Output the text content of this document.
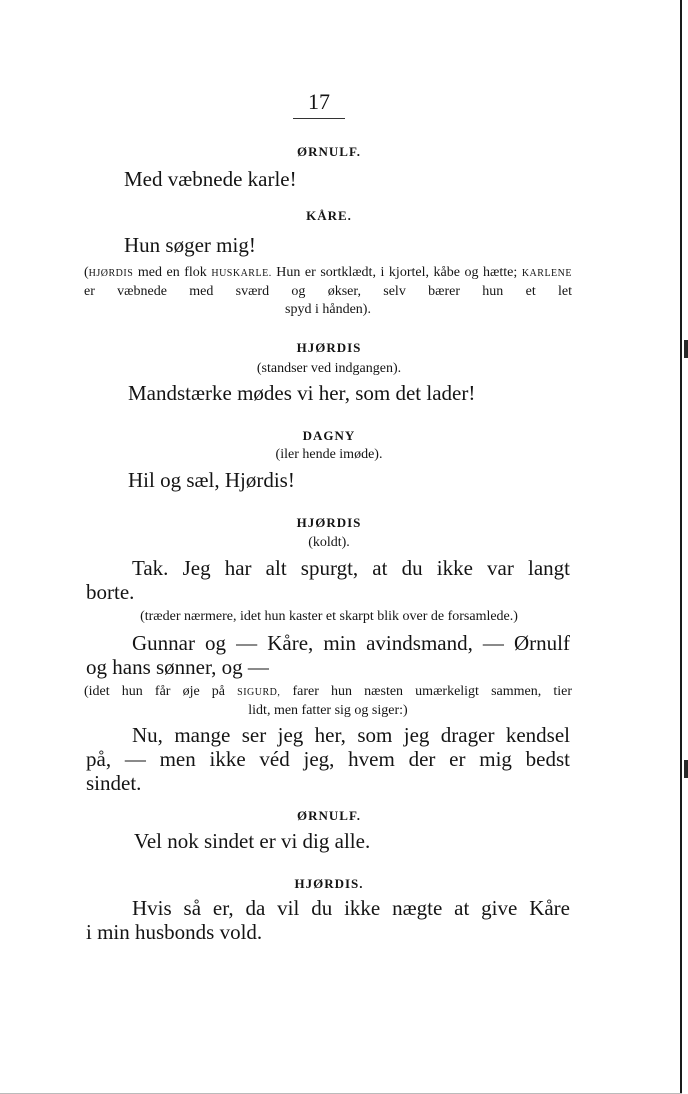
17
ØRNULF.
Med væbnede karle!
KÅRE.
Hun søger mig!
(HJØRDIS med en flok HUSKARLE. Hun er sortklædt, i kjortel, kåbe og hætte; KARLENE er væbnede med sværd og økser, selv bærer hun et let
spyd i hånden).
HJØRDIS
(standser ved indgangen).
Mandstærke mødes vi her, som det lader!
DAGNY
(iler hende imøde).
Hil og sæl, Hjørdis!
HJØRDIS
(koldt).
Tak. Jeg har alt spurgt, at du ikke var langt
borte.
(træder nærmere, idet hun kaster et skarpt blik over de forsamlede.)
Gunnar og — Kåre, min avindsmand, — Ørnulf
og hans sønner, og —
(idet hun får øje på SIGURD, farer hun næsten umærkeligt sammen, tier
lidt, men fatter sig og siger:)
Nu, mange ser jeg her, som jeg drager kendsel
på, — men ikke véd jeg, hvem der er mig bedst
sindet.
ØRNULF.
Vel nok sindet er vi dig alle.
HJØRDIS.
Hvis så er, da vil du ikke nægte at give Kåre
i min husbonds vold.
